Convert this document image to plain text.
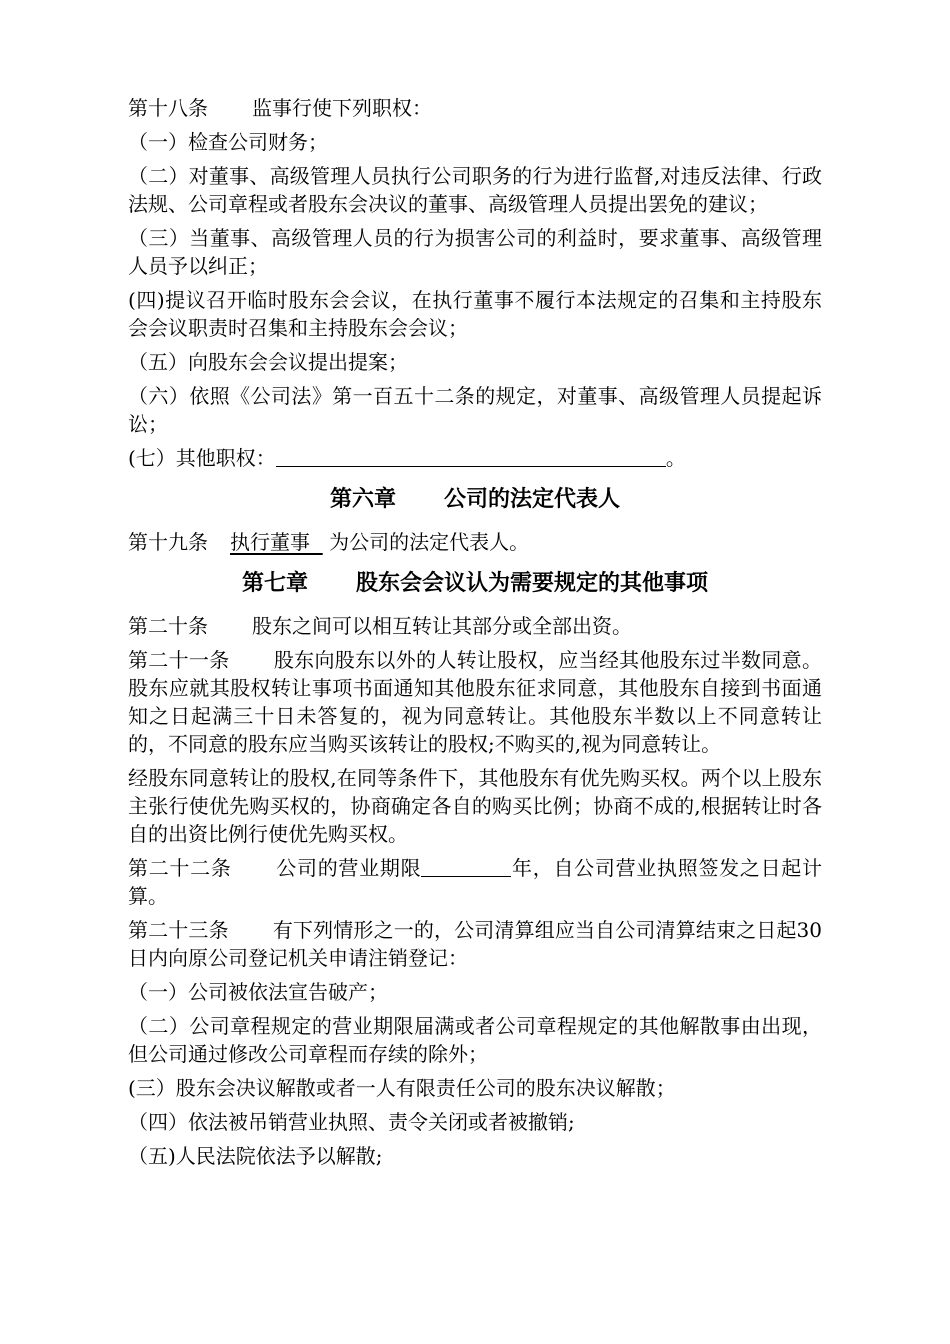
第十八条 监事行使下列职权：

（一）检查公司财务；

（二）对董事、高级管理人员执行公司职务的行为进行监督,对违反法律、行政法规、公司章程或者股东会决议的董事、高级管理人员提出罢免的建议；

（三）当董事、高级管理人员的行为损害公司的利益时，要求董事、高级管理人员予以纠正；

(四)提议召开临时股东会会议，在执行董事不履行本法规定的召集和主持股东会会议职责时召集和主持股东会会议；

（五）向股东会会议提出提案；

（六）依照《公司法》第一百五十二条的规定，对董事、高级管理人员提起诉讼；

(七）其他职权：	。

第六章 公司的法定代表人

第十九条 执行董事 为公司的法定代表人。

第七章 股东会会议认为需要规定的其他事项

第二十条 股东之间可以相互转让其部分或全部出资。

第二十一条 股东向股东以外的人转让股权，应当经其他股东过半数同意。股东应就其股权转让事项书面通知其他股东征求同意，其他股东自接到书面通知之日起满三十日未答复的，视为同意转让。其他股东半数以上不同意转让的，不同意的股东应当购买该转让的股权;不购买的,视为同意转让。

经股东同意转让的股权,在同等条件下，其他股东有优先购买权。两个以上股东主张行使优先购买权的，协商确定各自的购买比例；协商不成的,根据转让时各自的出资比例行使优先购买权。

第二十二条 公司的营业期限	年，自公司营业执照签发之日起计算。

第二十三条 有下列情形之一的，公司清算组应当自公司清算结束之日起30日内向原公司登记机关申请注销登记：

（一）公司被依法宣告破产；

（二）公司章程规定的营业期限届满或者公司章程规定的其他解散事由出现，但公司通过修改公司章程而存续的除外；

(三）股东会决议解散或者一人有限责任公司的股东决议解散；

（四）依法被吊销营业执照、责令关闭或者被撤销;

（五)人民法院依法予以解散;
